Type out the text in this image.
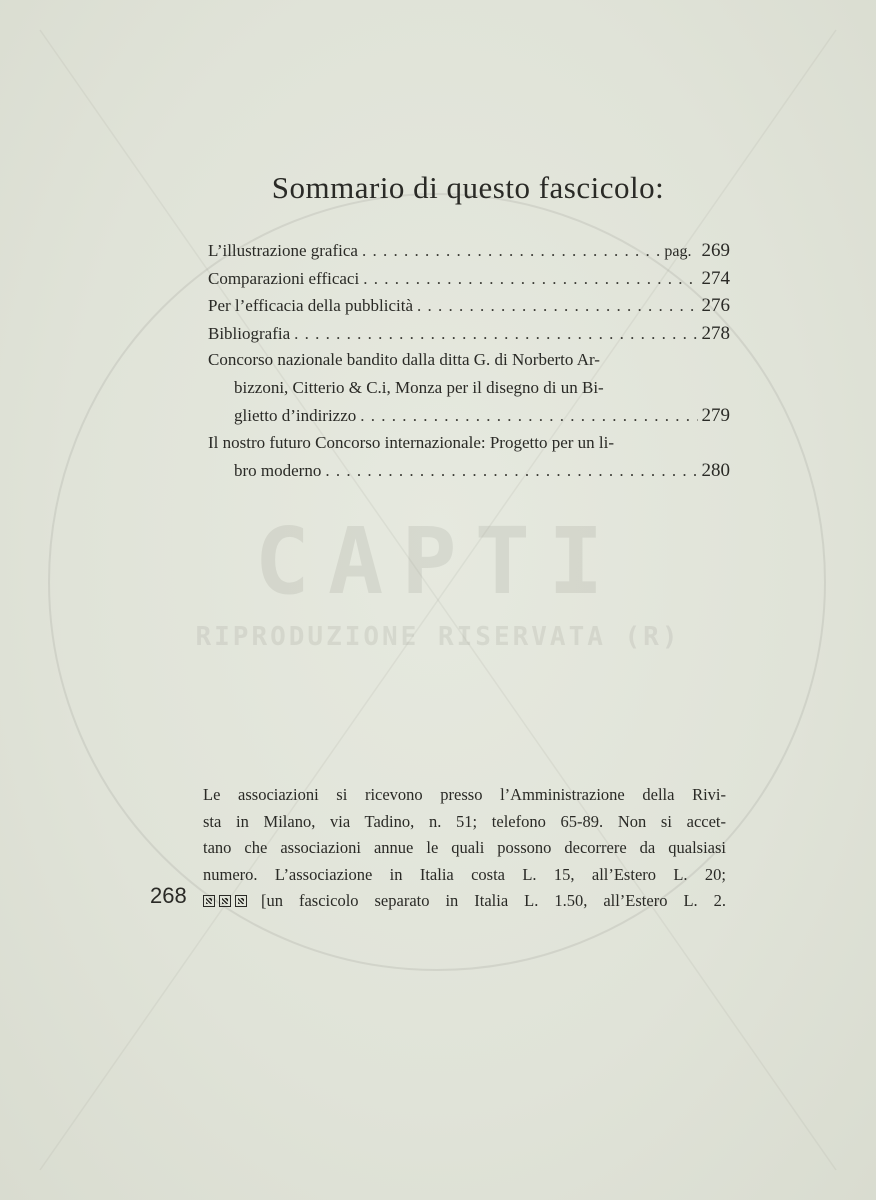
CAPTI
RIPRODUZIONE RISERVATA (R)
Sommario di questo fascicolo:
L’illustrazione grafica . . .	pag. 269
Comparazioni efficaci . . .	274
Per l’efficacia della pubblicità . . .	276
Bibliografia . . .	278
Concorso nazionale bandito dalla ditta G. di Norberto Ar-
bizzoni, Citterio & C.i, Monza per il disegno di un Bi-
glietto d’indirizzo . . .	279
Il nostro futuro Concorso internazionale: Progetto per un li-
bro moderno . . .	280
Le associazioni si ricevono presso l’Amministrazione della Rivi-
sta in Milano, via Tadino, n. 51; telefono 65-89. Non si accet-
tano che associazioni annue le quali possono decorrere da qualsiasi
numero. L’associazione in Italia costa L. 15, all’Estero L. 20;
[un fascicolo separato in Italia L. 1.50, all’Estero L. 2.
268
